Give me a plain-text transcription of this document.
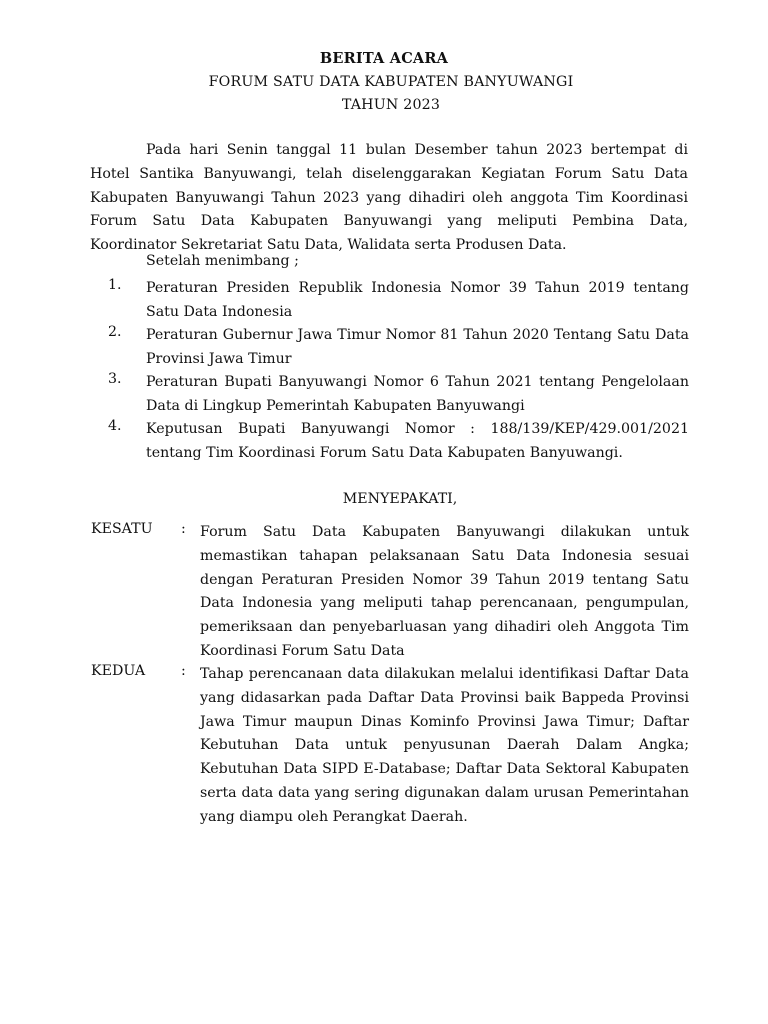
BERITA ACARA
FORUM SATU DATA KABUPATEN BANYUWANGI
TAHUN 2023
Pada hari Senin tanggal 11 bulan Desember tahun 2023 bertempat di Hotel Santika Banyuwangi, telah diselenggarakan Kegiatan Forum Satu Data Kabupaten Banyuwangi Tahun 2023 yang dihadiri oleh anggota Tim Koordinasi Forum Satu Data Kabupaten Banyuwangi yang meliputi Pembina Data, Koordinator Sekretariat Satu Data, Walidata serta Produsen Data.
Setelah menimbang ;
1.	Peraturan Presiden Republik Indonesia Nomor 39 Tahun 2019 tentang Satu Data Indonesia
2.	Peraturan Gubernur Jawa Timur Nomor 81 Tahun 2020 Tentang Satu Data Provinsi Jawa Timur
3.	Peraturan Bupati Banyuwangi Nomor 6 Tahun 2021 tentang Pengelolaan Data di Lingkup Pemerintah Kabupaten Banyuwangi
4.	Keputusan Bupati Banyuwangi Nomor : 188/139/KEP/429.001/2021 tentang Tim Koordinasi Forum Satu Data Kabupaten Banyuwangi.
MENYEPAKATI,
KESATU : Forum Satu Data Kabupaten Banyuwangi dilakukan untuk memastikan tahapan pelaksanaan Satu Data Indonesia sesuai dengan Peraturan Presiden Nomor 39 Tahun 2019 tentang Satu Data Indonesia yang meliputi tahap perencanaan, pengumpulan, pemeriksaan dan penyebarluasan yang dihadiri oleh Anggota Tim Koordinasi Forum Satu Data
KEDUA	: Tahap perencanaan data dilakukan melalui identifikasi Daftar Data yang didasarkan pada Daftar Data Provinsi baik Bappeda Provinsi Jawa Timur maupun Dinas Kominfo Provinsi Jawa Timur; Daftar Kebutuhan Data untuk penyusunan Daerah Dalam Angka; Kebutuhan Data SIPD E-Database; Daftar Data Sektoral Kabupaten serta data data yang sering digunakan dalam urusan Pemerintahan yang diampu oleh Perangkat Daerah.
